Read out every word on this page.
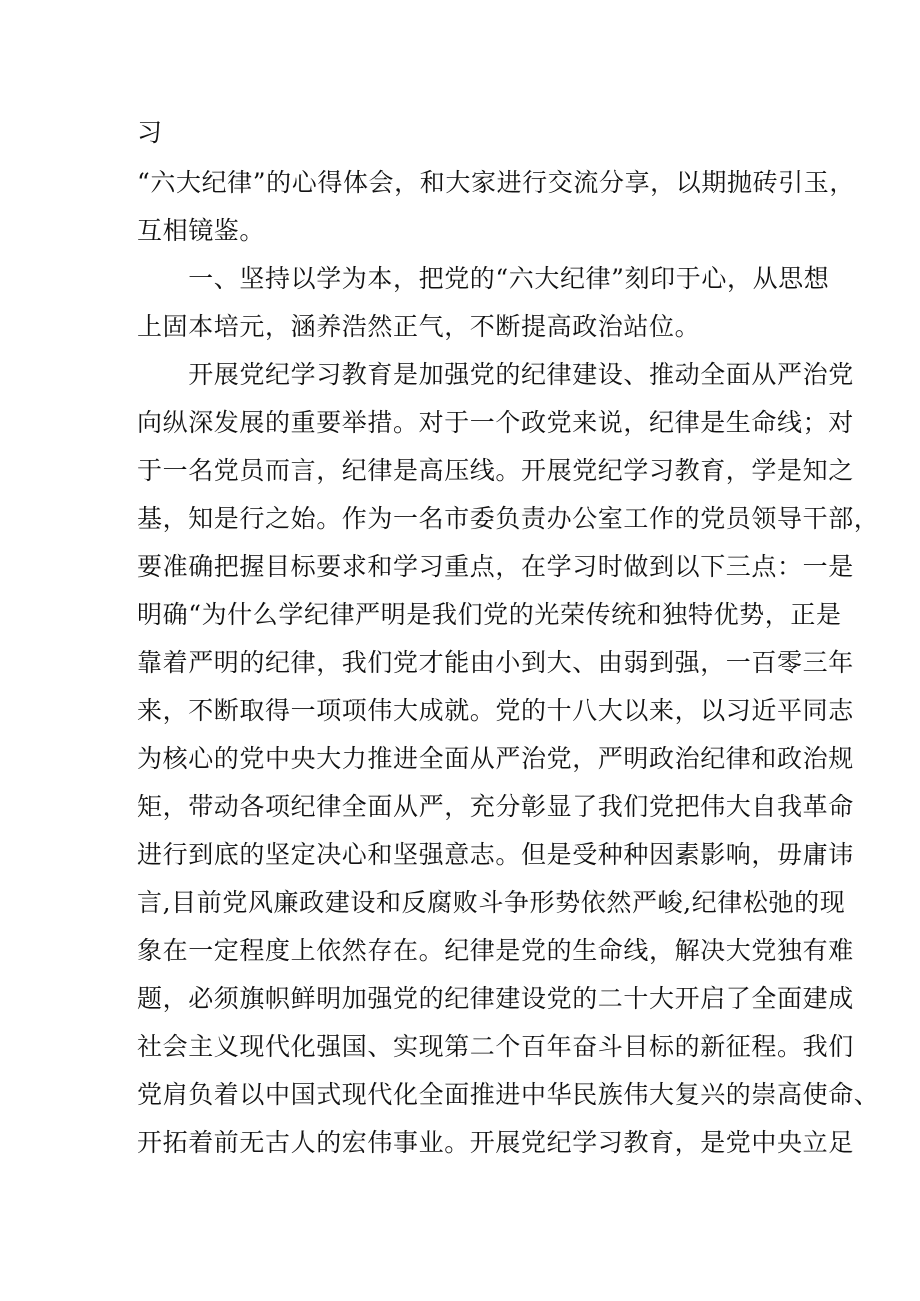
习

“六大纪律”的心得体会，和大家进行交流分享，以期抛砖引玉，

互相镜鉴。

　　一、坚持以学为本，把党的“六大纪律”刻印于心，从思想

上固本培元，涵养浩然正气，不断提高政治站位。

　　开展党纪学习教育是加强党的纪律建设、推动全面从严治党

向纵深发展的重要举措。对于一个政党来说，纪律是生命线；对

于一名党员而言，纪律是高压线。开展党纪学习教育，学是知之

基，知是行之始。作为一名市委负责办公室工作的党员领导干部，

要准确把握目标要求和学习重点，在学习时做到以下三点：一是

明确“为什么学纪律严明是我们党的光荣传统和独特优势，正是

靠着严明的纪律，我们党才能由小到大、由弱到强，一百零三年

来，不断取得一项项伟大成就。党的十八大以来，以习近平同志

为核心的党中央大力推进全面从严治党，严明政治纪律和政治规

矩，带动各项纪律全面从严，充分彰显了我们党把伟大自我革命

进行到底的坚定决心和坚强意志。但是受种种因素影响，毋庸讳

言,目前党风廉政建设和反腐败斗争形势依然严峻,纪律松弛的现

象在一定程度上依然存在。纪律是党的生命线，解决大党独有难

题，必须旗帜鲜明加强党的纪律建设党的二十大开启了全面建成

社会主义现代化强国、实现第二个百年奋斗目标的新征程。我们

党肩负着以中国式现代化全面推进中华民族伟大复兴的崇高使命、

开拓着前无古人的宏伟事业。开展党纪学习教育，是党中央立足
